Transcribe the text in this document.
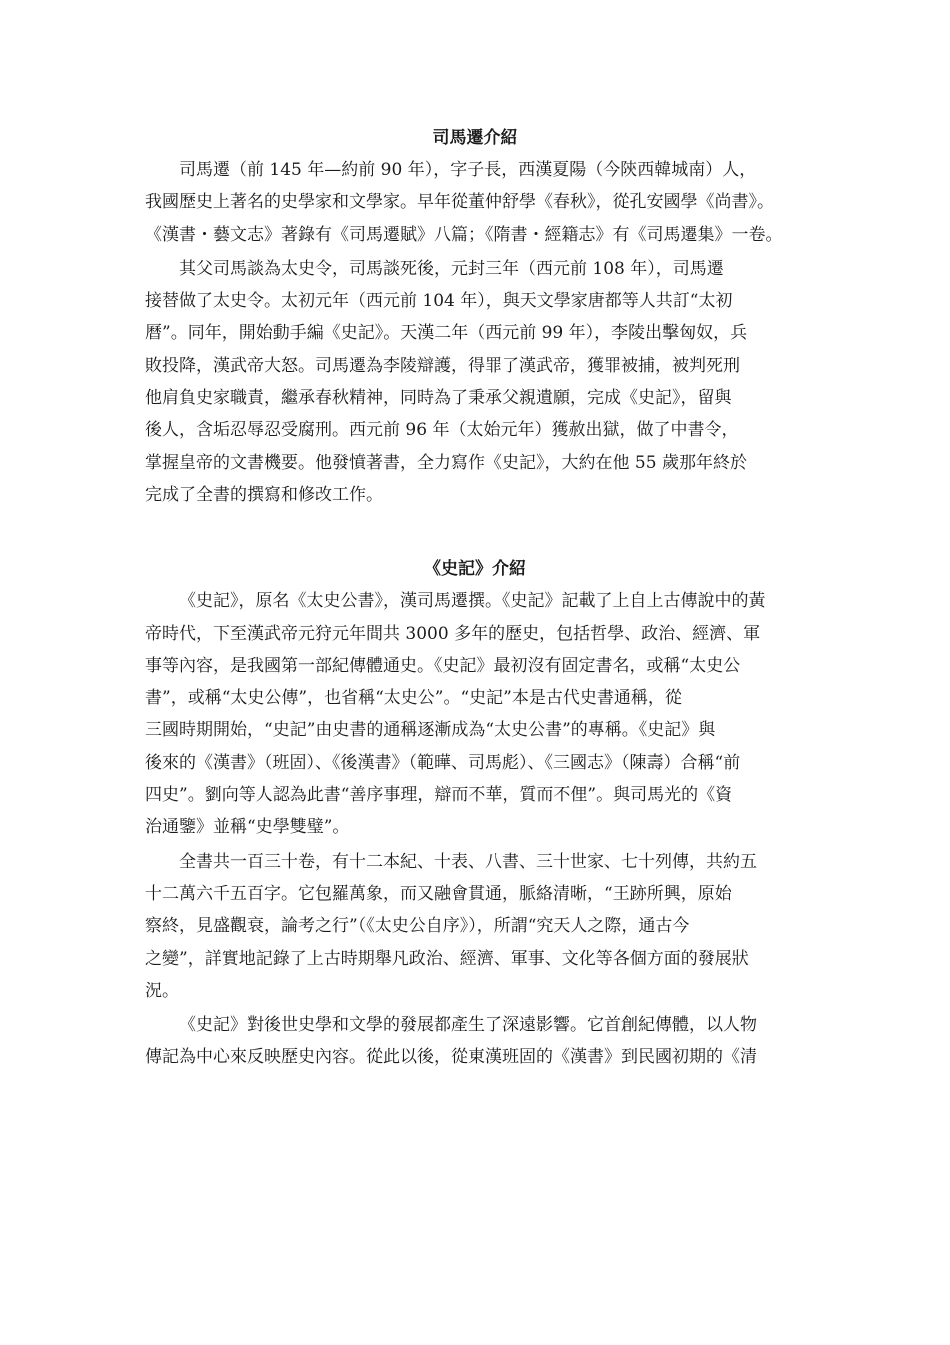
司馬遷介紹

司馬遷（前 145 年—約前 90 年），字子長，西漢夏陽（今陝西韓城南）人，
我國歷史上著名的史學家和文學家。早年從董仲舒學《春秋》，從孔安國學《尚書》。
《漢書・藝文志》著錄有《司馬遷賦》八篇；《隋書・經籍志》有《司馬遷集》一卷。

其父司馬談為太史令，司馬談死後，元封三年（西元前 108 年），司馬遷
接替做了太史令。太初元年（西元前 104 年），與天文學家唐都等人共訂“太初
曆”。同年，開始動手編《史記》。天漢二年（西元前 99 年），李陵出擊匈奴，兵
敗投降，漢武帝大怒。司馬遷為李陵辯護，得罪了漢武帝，獲罪被捕，被判死刑
他肩負史家職責，繼承春秋精神，同時為了秉承父親遺願，完成《史記》，留與
後人，含垢忍辱忍受腐刑。西元前 96 年（太始元年）獲赦出獄，做了中書令，
掌握皇帝的文書機要。他發憤著書，全力寫作《史記》，大約在他 55 歲那年終於
完成了全書的撰寫和修改工作。

《史記》介紹

《史記》，原名《太史公書》，漢司馬遷撰。《史記》記載了上自上古傳說中的黃
帝時代，下至漢武帝元狩元年間共 3000 多年的歷史，包括哲學、政治、經濟、軍
事等內容，是我國第一部紀傳體通史。《史記》最初沒有固定書名，或稱“太史公
書”，或稱“太史公傳”，也省稱“太史公”。“史記”本是古代史書通稱，從
三國時期開始，“史記”由史書的通稱逐漸成為“太史公書”的專稱。《史記》與
後來的《漢書》（班固）、《後漢書》（範曄、司馬彪）、《三國志》（陳壽）合稱“前
四史”。劉向等人認為此書“善序事理，辯而不華，質而不俚”。與司馬光的《資
治通鑒》並稱“史學雙璧”。

全書共一百三十卷，有十二本紀、十表、八書、三十世家、七十列傳，共約五
十二萬六千五百字。它包羅萬象，而又融會貫通，脈絡清晰，“王跡所興，原始
察終，見盛觀衰，論考之行”（《太史公自序》），所謂“究天人之際，通古今
之變”，詳實地記錄了上古時期舉凡政治、經濟、軍事、文化等各個方面的發展狀
況。

《史記》對後世史學和文學的發展都產生了深遠影響。它首創紀傳體，以人物
傳記為中心來反映歷史內容。從此以後，從東漢班固的《漢書》到民國初期的《清
